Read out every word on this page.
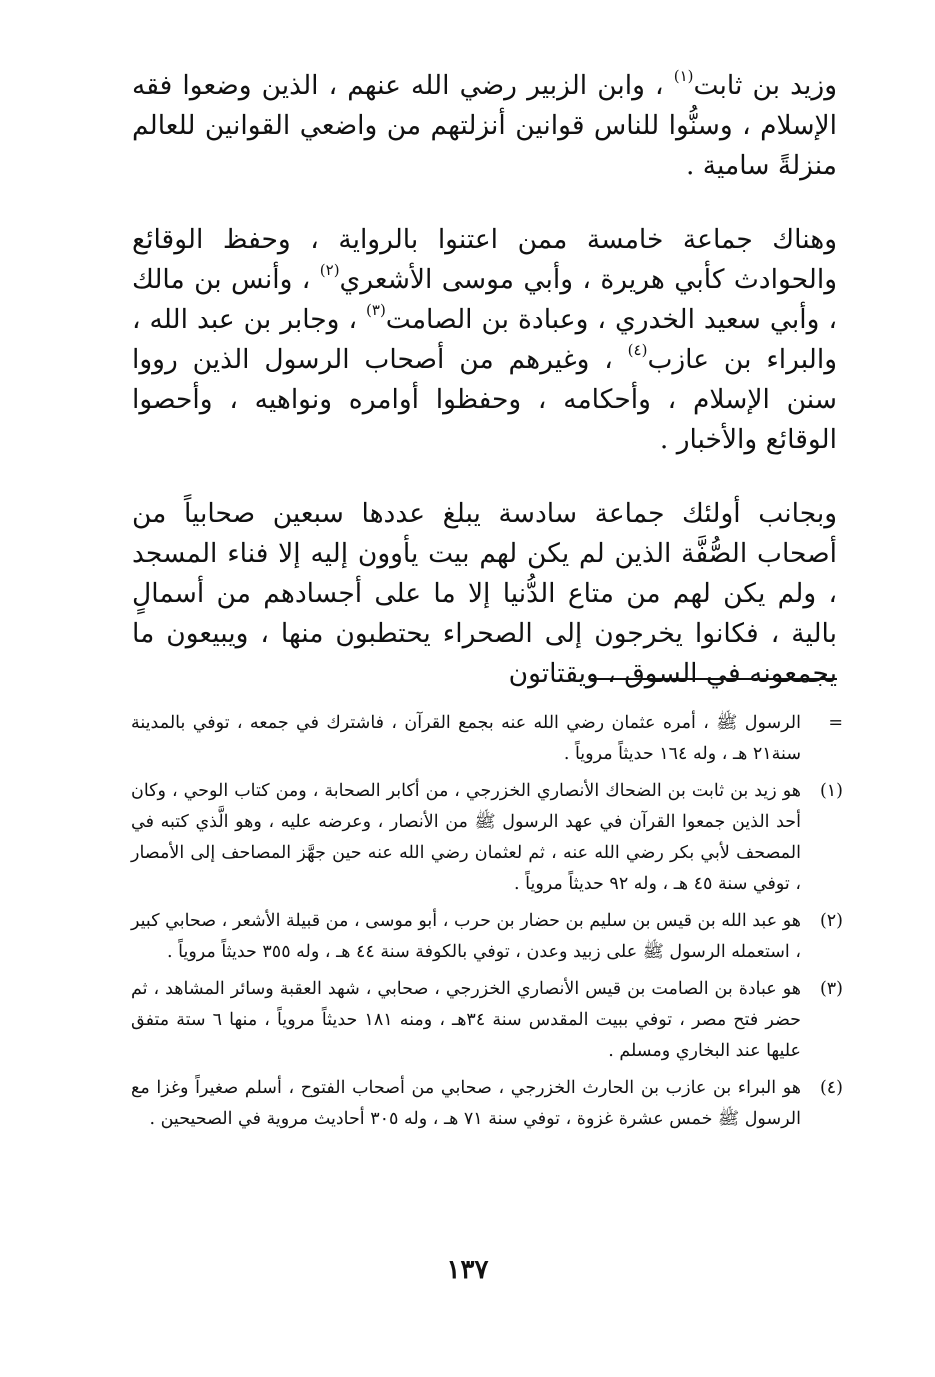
وزيد بن ثابت$^{(١)}$ ، وابن الزبير رضي الله عنهم ، الذين وضعوا فقه الإسلام ، وسنُّوا للناس قوانين أنزلتهم من واضعي القوانين للعالم منزلةً سامية .

وهناك جماعة خامسة ممن اعتنوا بالرواية ، وحفظ الوقائع والحوادث كأبي هريرة ، وأبي موسى الأشعري$^{(٢)}$ ، وأنس بن مالك ، وأبي سعيد الخدري ، وعبادة بن الصامت$^{(٣)}$ ، وجابر بن عبد الله ، والبراء بن عازب$^{(٤)}$ ، وغيرهم من أصحاب الرسول الذين رووا سنن الإسلام ، وأحكامه ، وحفظوا أوامره ونواهيه ، وأحصوا الوقائع والأخبار .

وبجانب أولئك جماعة سادسة يبلغ عددها سبعين صحابياً من أصحاب الصُّفَّة الذين لم يكن لهم بيت يأوون إليه إلا فناء المسجد ، ولم يكن لهم من متاع الدُّنيا إلا ما على أجسادهم من أسمالٍ بالية ، فكانوا يخرجون إلى الصحراء يحتطبون منها ، ويبيعون ما يجمعونه في السوق ، ويقتاتون

=
الرسول ﷺ ، أمره عثمان رضي الله عنه بجمع القرآن ، فاشترك في جمعه ، توفي بالمدينة سنة٢١ هـ ، وله ١٦٤ حديثاً مروياً .
(١)
هو زيد بن ثابت بن الضحاك الأنصاري الخزرجي ، من أكابر الصحابة ، ومن كتاب الوحي ، وكان أحد الذين جمعوا القرآن في عهد الرسول ﷺ من الأنصار ، وعرضه عليه ، وهو الَّذي كتبه في المصحف لأبي بكر رضي الله عنه ، ثم لعثمان رضي الله عنه حين جهَّز المصاحف إلى الأمصار ، توفي سنة ٤٥ هـ ، وله ٩٢ حديثاً مروياً .
(٢)
هو عبد الله بن قيس بن سليم بن حضار بن حرب ، أبو موسى ، من قبيلة الأشعر ، صحابي كبير ، استعمله الرسول ﷺ على زبيد وعدن ، توفي بالكوفة سنة ٤٤ هـ ، وله ٣٥٥ حديثاً مروياً .
(٣)
هو عبادة بن الصامت بن قيس الأنصاري الخزرجي ، صحابي ، شهد العقبة وسائر المشاهد ، ثم حضر فتح مصر ، توفي ببيت المقدس سنة ٣٤هـ ، ومنه ١٨١ حديثاً مروياً ، منها ٦ ستة متفق عليها عند البخاري ومسلم .
(٤)
هو البراء بن عازب بن الحارث الخزرجي ، صحابي من أصحاب الفتوح ، أسلم صغيراً وغزا مع الرسول ﷺ خمس عشرة غزوة ، توفي سنة ٧١ هـ ، وله ٣٠٥ أحاديث مروية في الصحيحين .
١٣٧
